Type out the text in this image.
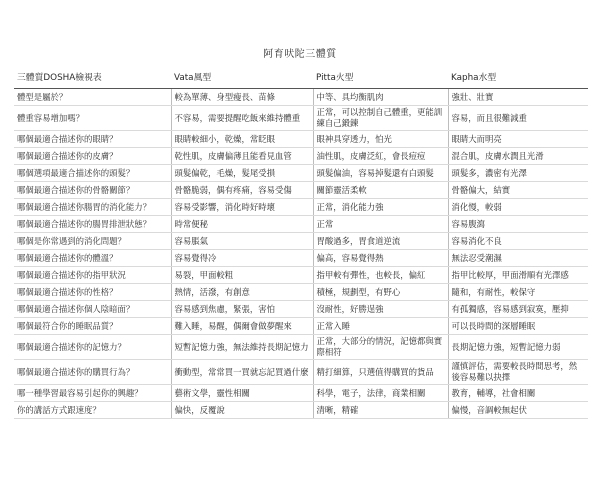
阿育吠陀三體質
三體質DOSHA檢視表	Vata風型	Pitta火型	Kapha水型
體型是屬於？	較為單薄、身型瘦長、苗條	中等、具均衡肌肉	強壯、壯實
體重容易增加嗎？	不容易，需要提醒吃飯來維持體重	正常，可以控制自己體重，更能訓練自己鍛鍊	容易，而且很難減重
哪個最適合描述你的眼睛？	眼睛較細小，乾燥，常眨眼	眼神具穿透力，怕光	眼睛大而明亮
哪個最適合描述你的皮膚？	乾性肌，皮膚偏薄且能看見血管	油性肌，皮膚泛紅，會長痘痘	混合肌，皮膚水潤且光滑
哪個選項最適合描述你的頭髮？	頭髮偏乾，毛燥，髮尾受損	頭髮偏油，容易掉髮還有白頭髮	頭髮多，濃密有光澤
哪個最適合描述你的骨骼關節？	骨骼脆弱，偶有疼痛，容易受傷	關節靈活柔軟	骨骼偏大，結實
哪個最適合描述你腸胃的消化能力？	容易受影響，消化時好時壞	正常，消化能力強	消化慢，較弱
哪個最適合描述你的腸胃排泄狀態？	時常便秘	正常	容易腹瀉
哪個是你常遇到的消化問題？	容易脹氣	胃酸過多，胃食道逆流	容易消化不良
哪個最適合描述你的體溫？	容易覺得冷	偏高，容易覺得熱	無法忍受潮濕
哪個最適合描述你的指甲狀況	易裂，甲面較粗	指甲較有彈性，也較長，偏紅	指甲比較厚，甲面滑順有光澤感
哪個最適合描述你的性格？	熱情，活潑，有創意	積極，規劃型，有野心	隨和，有耐性，較保守
哪個最適合描述你個人陰暗面？	容易感到焦慮，緊張，害怕	沒耐性，好勝逞強	有孤獨感，容易感到寂寞，壓抑
哪個最符合你的睡眠品質？	難入睡，易醒，偶爾會做夢醒來	正常入睡	可以長時間的深層睡眠
哪個最適合描述你的記憶力？	短暫記憶力強，無法維持長期記憶力	正常，大部分的情況，記憶都與實際相符	長期記憶力強，短暫記憶力弱
哪個最適合描述你的購買行為？	衝動型，常常買一買就忘記買過什麼	精打細算，只選值得購買的貨品	謹慎評估，需要較長時間思考，然後容易難以抉擇
哪一種學習最容易引起你的興趣？	藝術文學，靈性相關	科學，電子，法律，商業相關	教育，輔導，社會相關
你的講話方式跟速度？	偏快，反覆說	清晰，精確	偏慢，音調較無起伏
